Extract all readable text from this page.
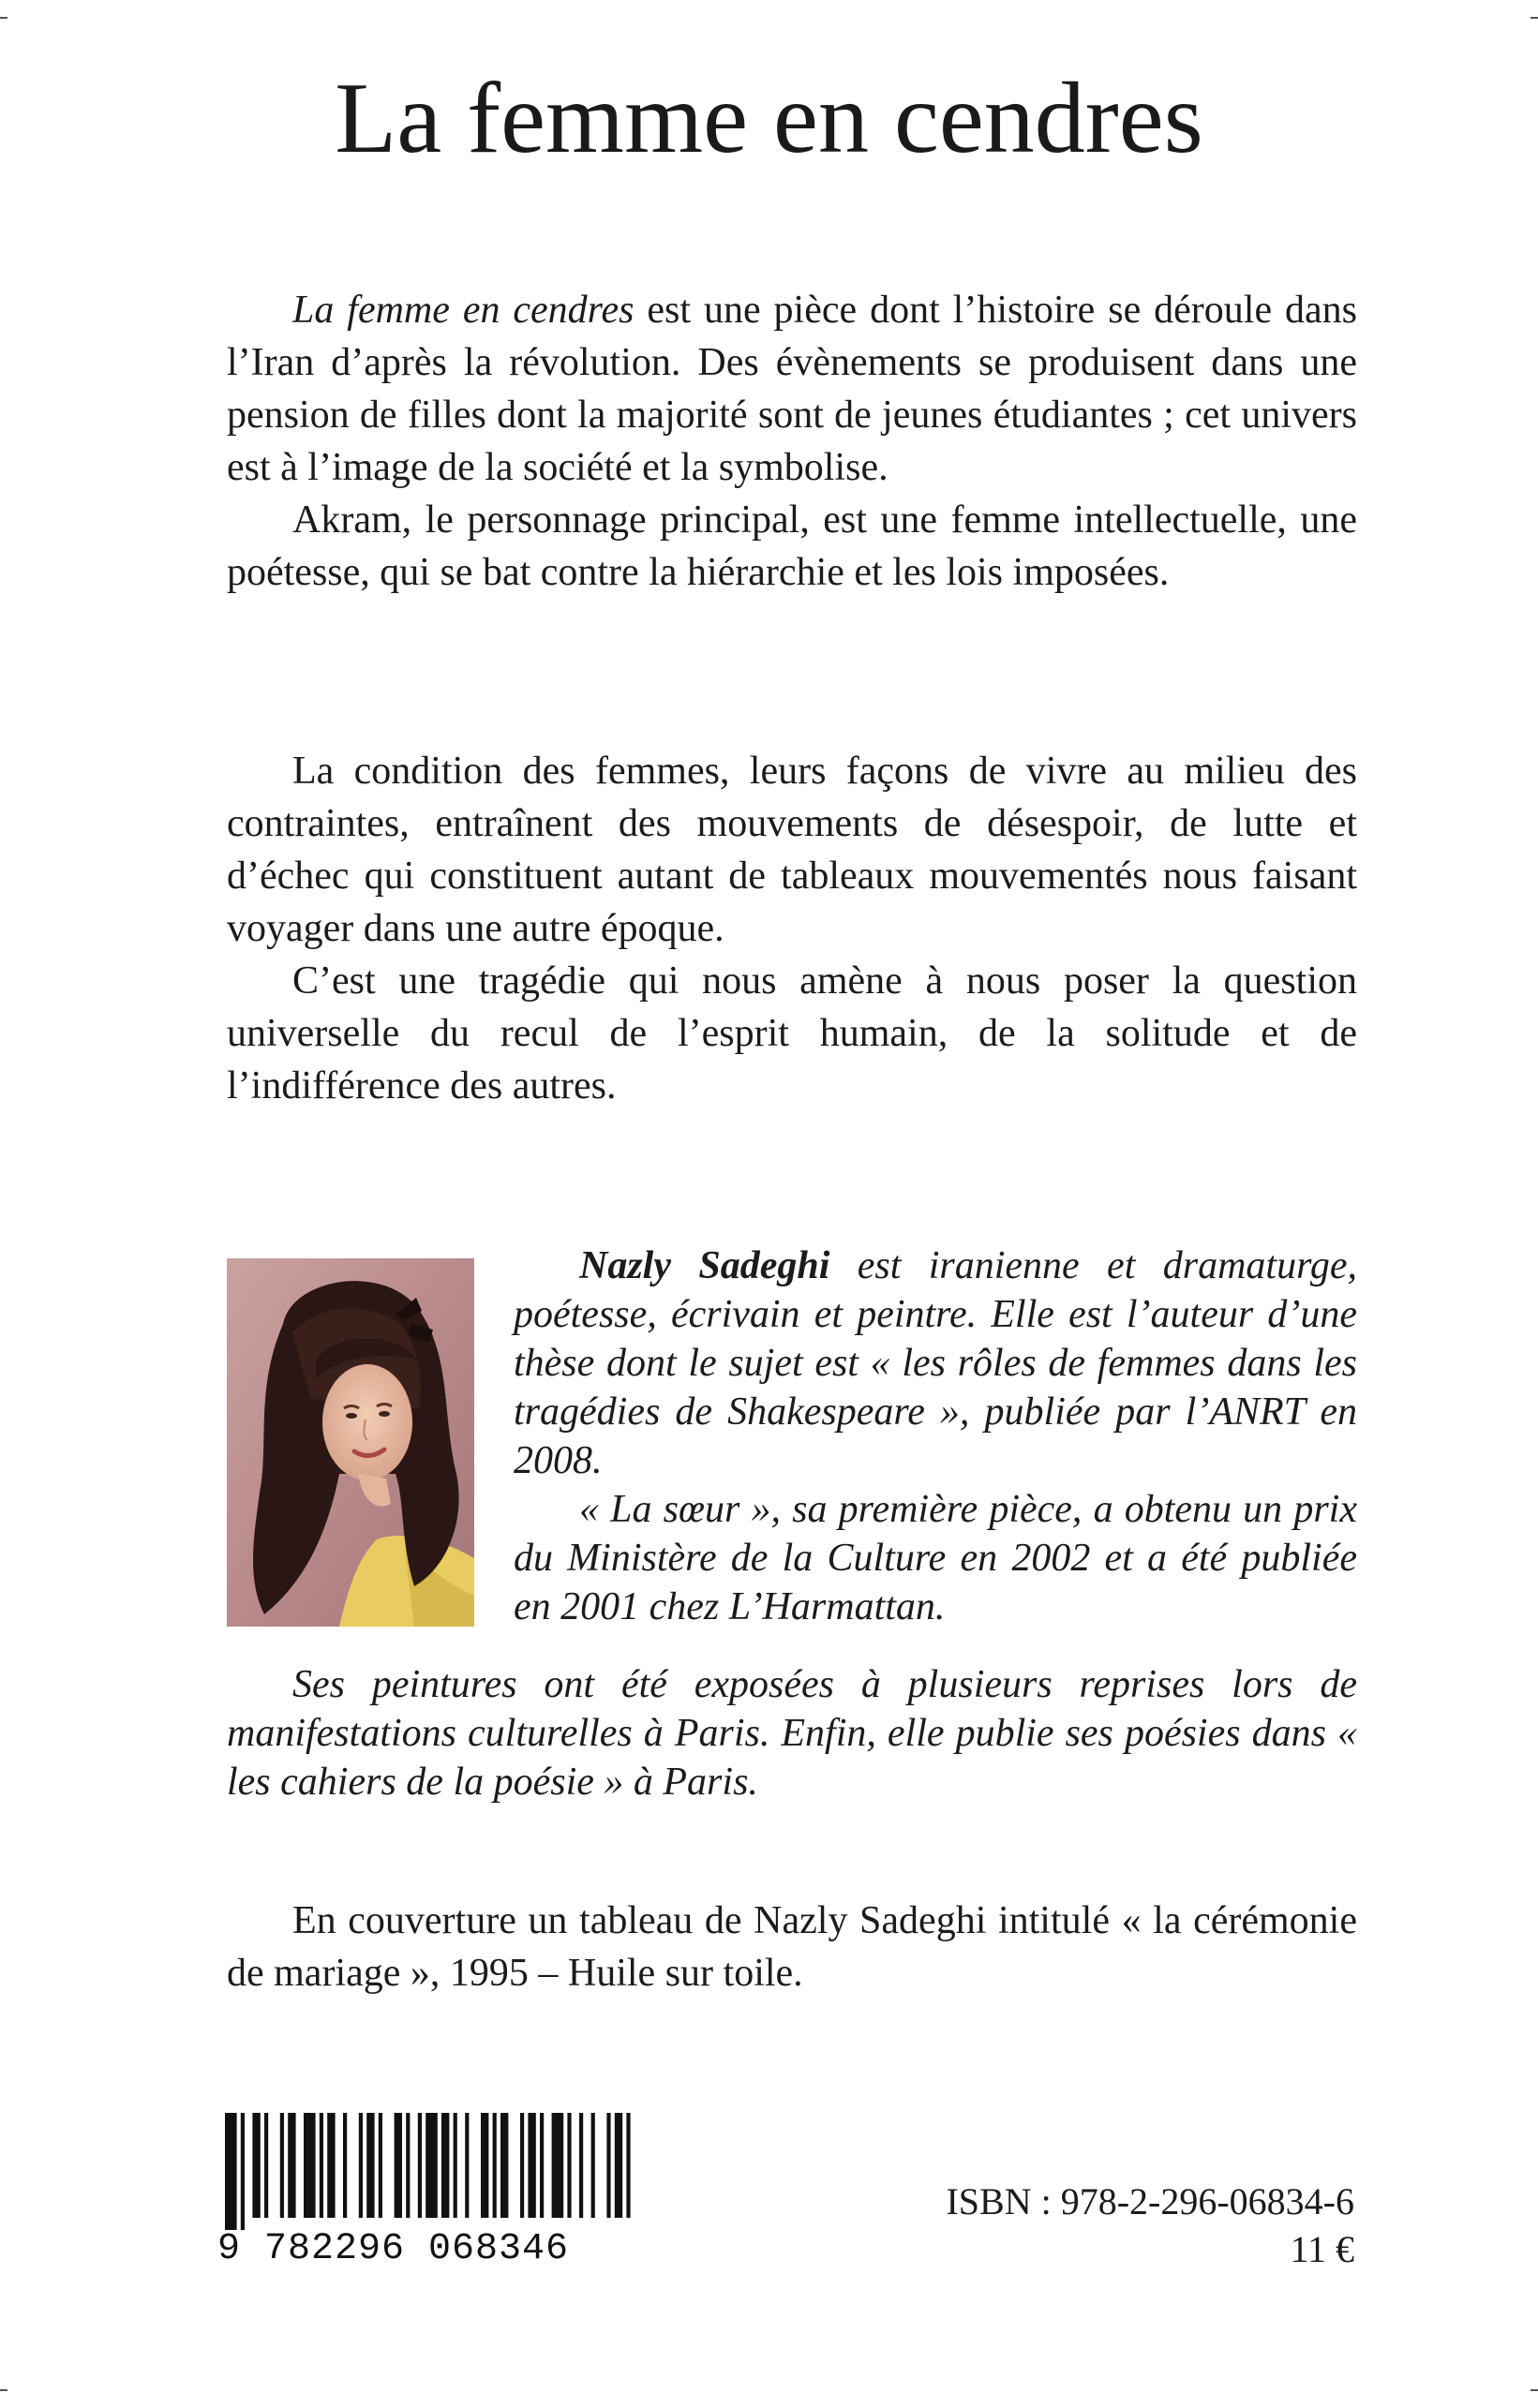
La femme en cendres

La femme en cendres est une pièce dont l’histoire se déroule dans l’Iran d’après la révolution. Des évènements se produisent dans une pension de filles dont la majorité sont de jeunes étudiantes ; cet univers est à l’image de la société et la symbolise.

Akram, le personnage principal, est une femme intellectuelle, une poétesse, qui se bat contre la hiérarchie et les lois imposées.

La condition des femmes, leurs façons de vivre au milieu des contraintes, entraînent des mouvements de désespoir, de lutte et d’échec qui constituent autant de tableaux mouvementés nous faisant voyager dans une autre époque.

C’est une tragédie qui nous amène à nous poser la question universelle du recul de l’esprit humain, de la solitude et de l’indifférence des autres.

Nazly Sadeghi est iranienne et dramaturge, poétesse, écrivain et peintre. Elle est l’auteur d’une thèse dont le sujet est « les rôles de femmes dans les tragédies de Shakespeare », publiée par l’ANRT en 2008.

« La sœur », sa première pièce, a obtenu un prix du Ministère de la Culture en 2002 et a été publiée en 2001 chez L’Harmattan.

Ses peintures ont été exposées à plusieurs reprises lors de manifestations culturelles à Paris. Enfin, elle publie ses poésies dans « les cahiers de la poésie » à Paris.

En couverture un tableau de Nazly Sadeghi intitulé « la cérémonie de mariage », 1995 – Huile sur toile.

9 782296 068346
ISBN : 978-2-296-06834-6
11 €
